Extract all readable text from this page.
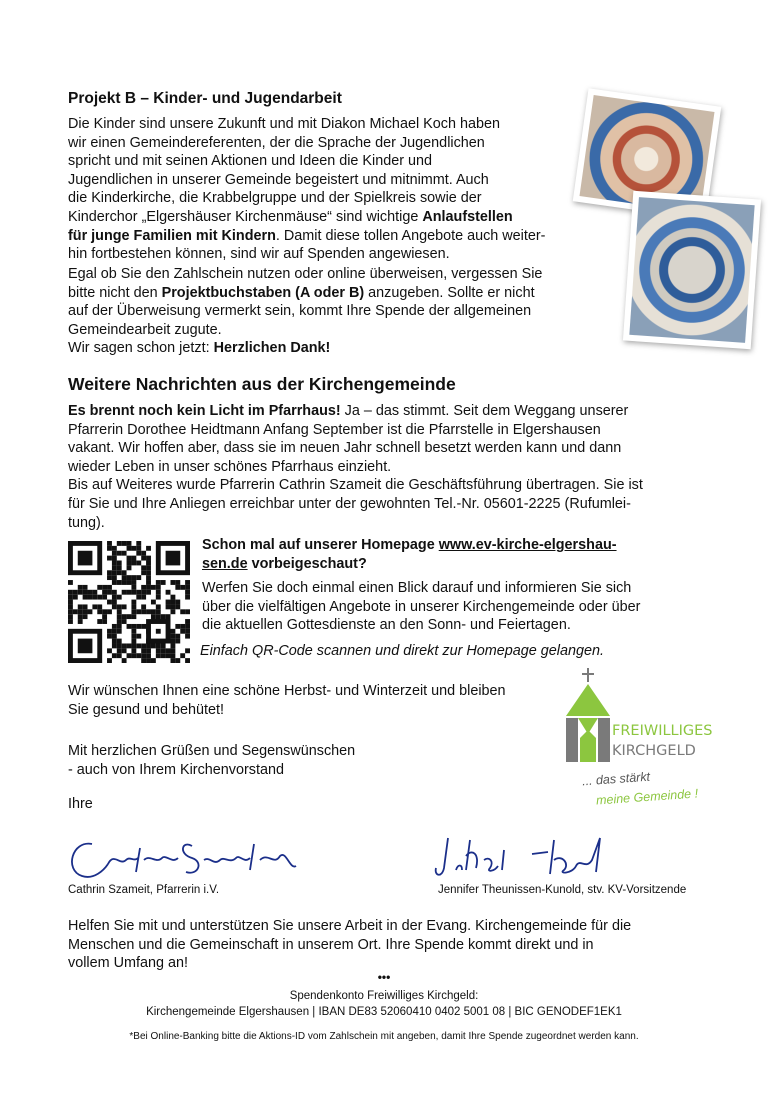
Projekt B – Kinder- und Jugendarbeit

Die Kinder sind unsere Zukunft und mit Diakon Michael Koch haben

wir einen Gemeindereferenten, der die Sprache der Jugendlichen

spricht und mit seinen Aktionen und Ideen die Kinder und

Jugendlichen in unserer Gemeinde begeistert und mitnimmt. Auch

die Kinderkirche, die Krabbelgruppe und der Spielkreis sowie der

Kinderchor „Elgershäuser Kirchenmäuse“ sind wichtige Anlaufstellen

für junge Familien mit Kindern. Damit diese tollen Angebote auch weiter-

hin fortbestehen können, sind wir auf Spenden angewiesen.

Egal ob Sie den Zahlschein nutzen oder online überweisen, vergessen Sie

bitte nicht den Projektbuchstaben (A oder B) anzugeben. Sollte er nicht

auf der Überweisung vermerkt sein, kommt Ihre Spende der allgemeinen

Gemeindearbeit zugute.

Wir sagen schon jetzt: Herzlichen Dank!

Weitere Nachrichten aus der Kirchengemeinde

Es brennt noch kein Licht im Pfarrhaus! Ja – das stimmt. Seit dem Weggang unserer

Pfarrerin Dorothee Heidtmann Anfang September ist die Pfarrstelle in Elgershausen

vakant. Wir hoffen aber, dass sie im neuen Jahr schnell besetzt werden kann und dann

wieder Leben in unser schönes Pfarrhaus einzieht.

Bis auf Weiteres wurde Pfarrerin Cathrin Szameit die Geschäftsführung übertragen. Sie ist

für Sie und Ihre Anliegen erreichbar unter der gewohnten Tel.-Nr. 05601-2225 (Rufumlei-

tung).

Schon mal auf unserer Homepage www.ev-kirche-elgershau-

sen.de vorbeigeschaut?

Werfen Sie doch einmal einen Blick darauf und informieren Sie sich

über die vielfältigen Angebote in unserer Kirchengemeinde oder über

die aktuellen Gottesdienste an den Sonn- und Feiertagen.

Einfach QR-Code scannen und direkt zur Homepage gelangen.

Wir wünschen Ihnen eine schöne Herbst- und Winterzeit und bleiben

Sie gesund und behütet!

Mit herzlichen Grüßen und Segenswünschen

- auch von Ihrem Kirchenvorstand

Ihre
FREIWILLIGES
KIRCHGELD
... das stärkt
meine Gemeinde !
Cathrin Szameit, Pfarrerin i.V.	Jennifer Theunissen-Kunold, stv. KV-Vorsitzende

Helfen Sie mit und unterstützen Sie unsere Arbeit in der Evang. Kirchengemeinde für die

Menschen und die Gemeinschaft in unserem Ort. Ihre Spende kommt direkt und in

vollem Umfang an!

•••
Spendenkonto Freiwilliges Kirchgeld:
Kirchengemeinde Elgershausen | IBAN DE83 52060410 0402 5001 08 | BIC GENODEF1EK1
*Bei Online-Banking bitte die Aktions-ID vom Zahlschein mit angeben, damit Ihre Spende zugeordnet werden kann.
